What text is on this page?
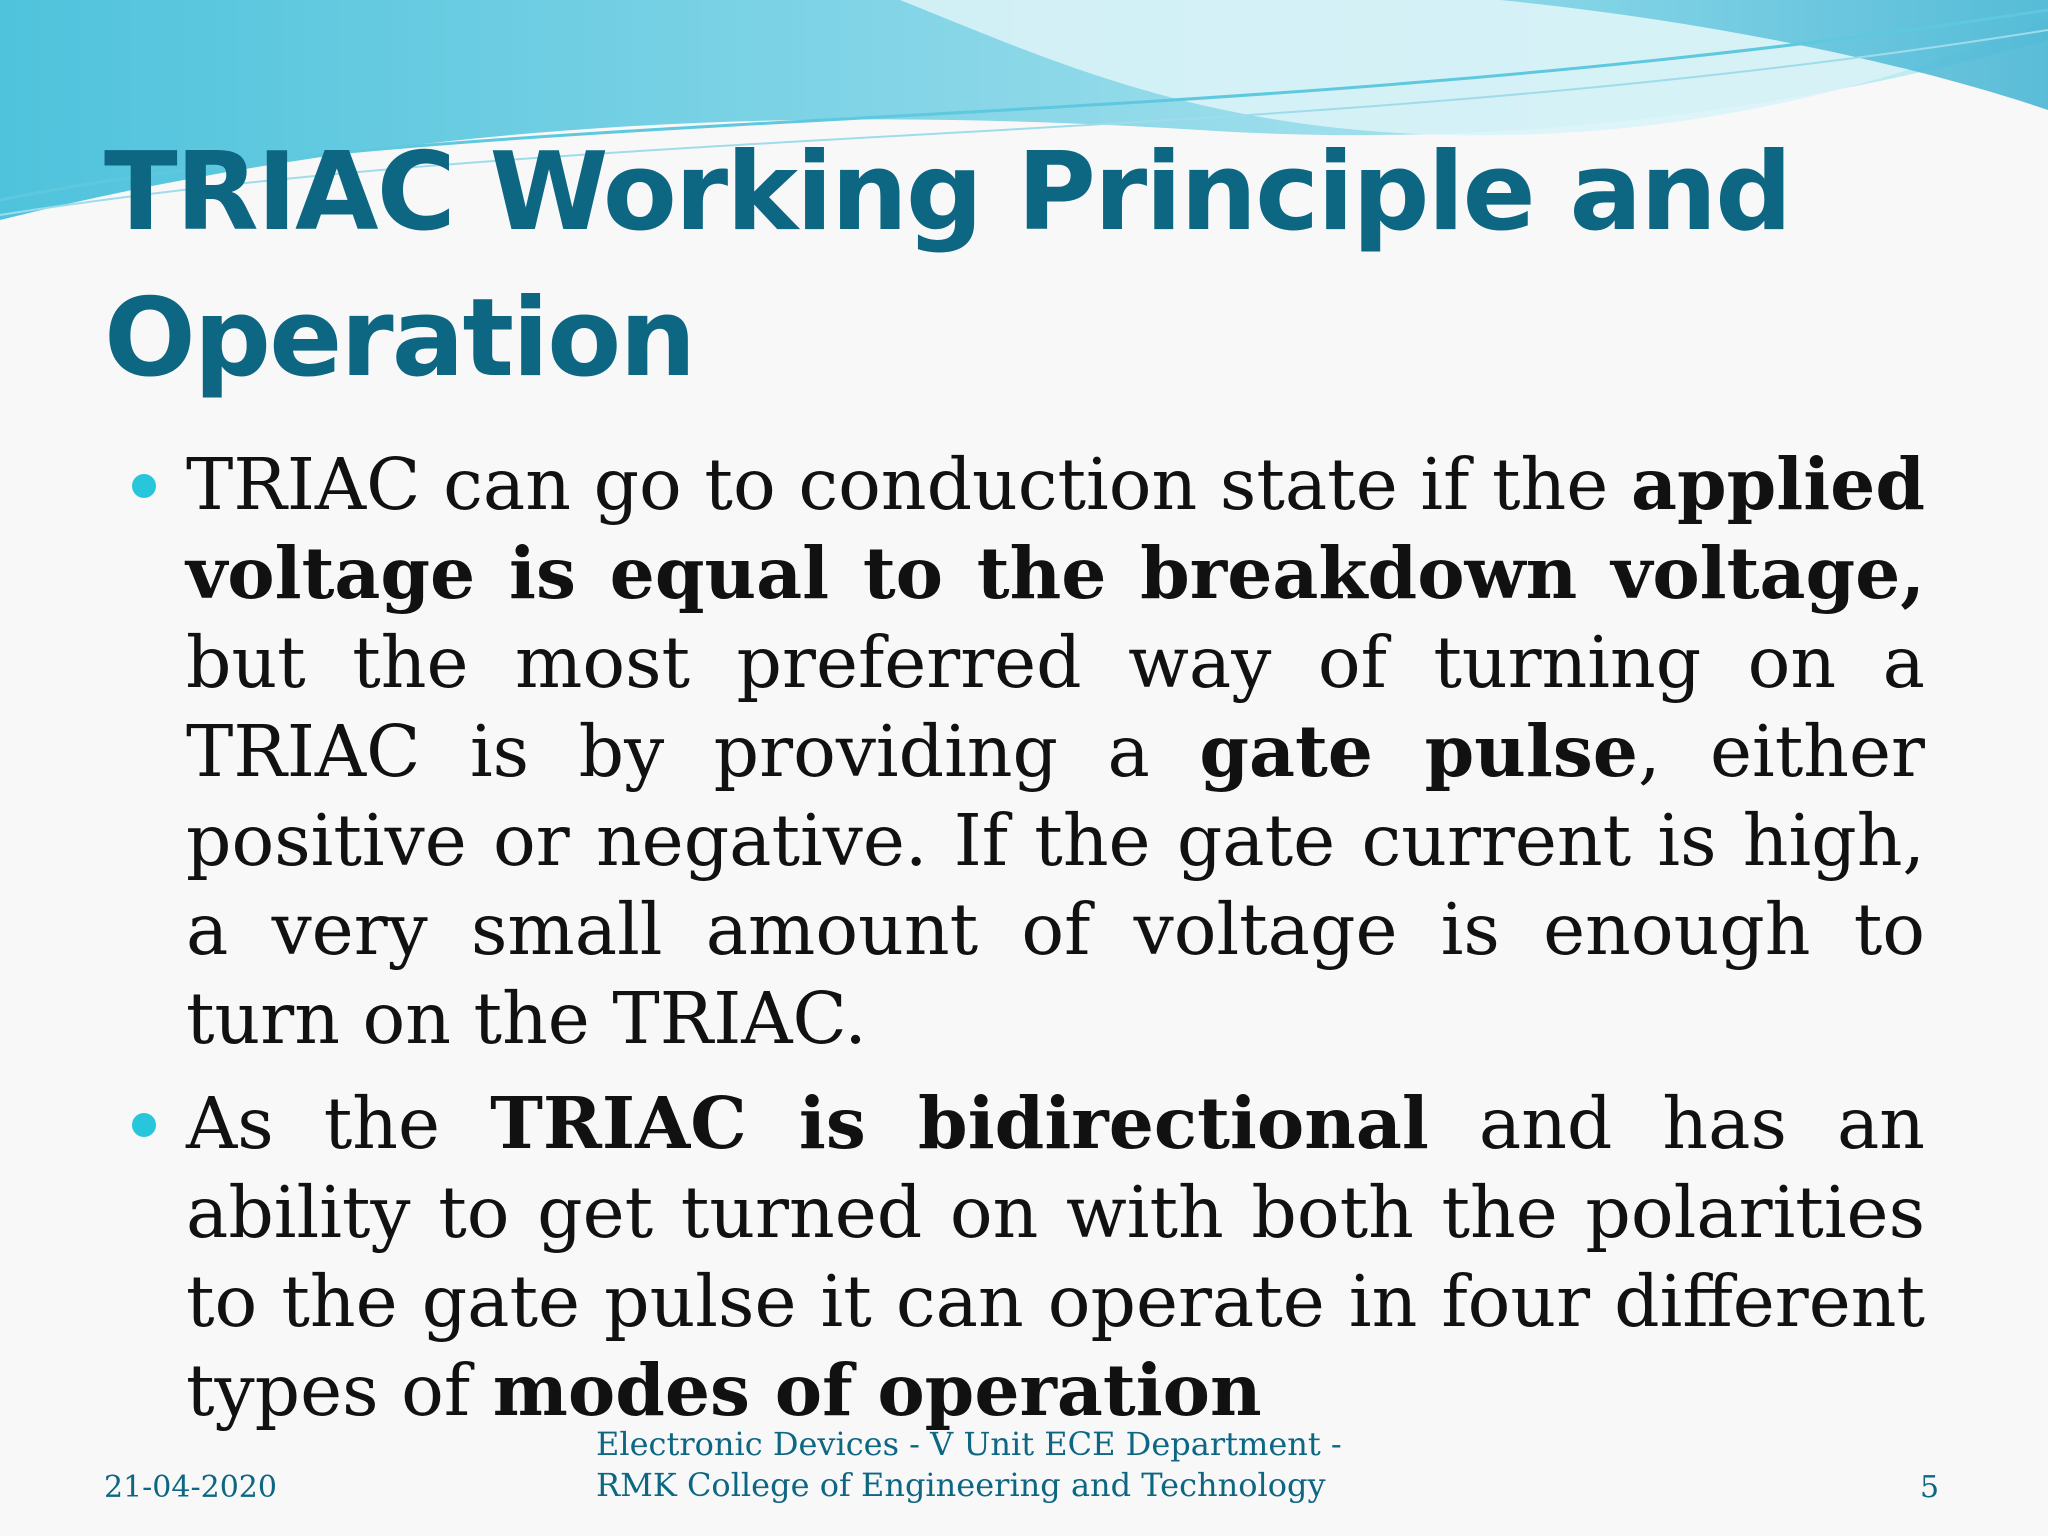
TRIAC Working Principle and
Operation
TRIAC can go to conduction state if the applied voltage is equal to the breakdown voltage, but the most preferred way of turning on a TRIAC is by providing a gate pulse, either positive or negative. If the gate current is high, a very small amount of voltage is enough to turn on the TRIAC.
As the TRIAC is bidirectional and has an ability to get turned on with both the polarities to the gate pulse it can operate in four different types of modes of operation
21-04-2020
Electronic Devices - V Unit ECE Department -
RMK College of Engineering and Technology	5
